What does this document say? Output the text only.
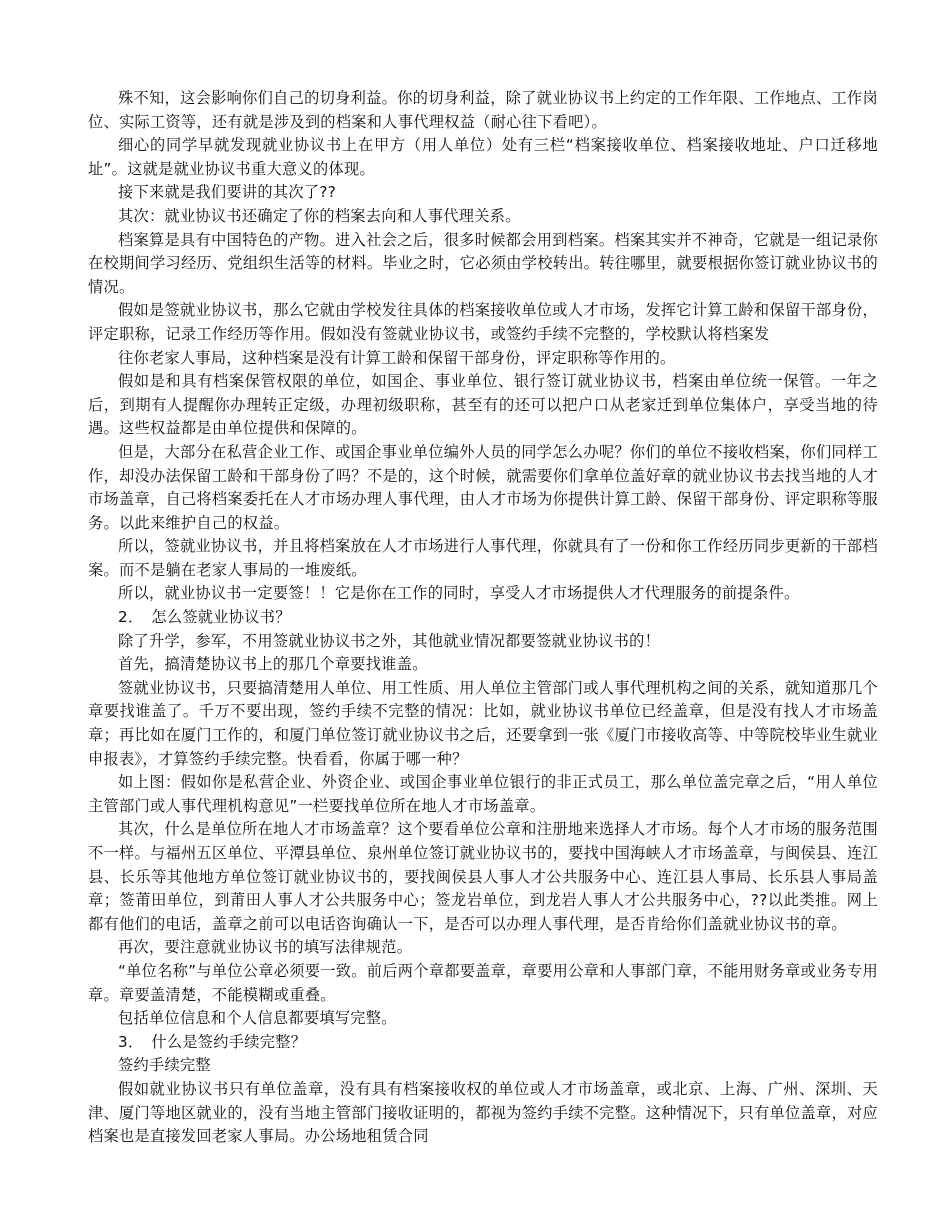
殊不知，这会影响你们自己的切身利益。你的切身利益，除了就业协议书上约定的工作年限、工作地点、工作岗位、实际工资等，还有就是涉及到的档案和人事代理权益（耐心往下看吧）。

细心的同学早就发现就业协议书上在甲方（用人单位）处有三栏“档案接收单位、档案接收地址、户口迁移地址”。这就是就业协议书重大意义的体现。

接下来就是我们要讲的其次了??

其次：就业协议书还确定了你的档案去向和人事代理关系。

档案算是具有中国特色的产物。进入社会之后，很多时候都会用到档案。档案其实并不神奇，它就是一组记录你在校期间学习经历、党组织生活等的材料。毕业之时，它必须由学校转出。转往哪里，就要根据你签订就业协议书的情况。

假如是签就业协议书，那么它就由学校发往具体的档案接收单位或人才市场，发挥它计算工龄和保留干部身份，评定职称，记录工作经历等作用。假如没有签就业协议书，或签约手续不完整的，学校默认将档案发

往你老家人事局，这种档案是没有计算工龄和保留干部身份，评定职称等作用的。

假如是和具有档案保管权限的单位，如国企、事业单位、银行签订就业协议书，档案由单位统一保管。一年之后，到期有人提醒你办理转正定级，办理初级职称，甚至有的还可以把户口从老家迁到单位集体户，享受当地的待遇。这些权益都是由单位提供和保障的。

但是，大部分在私营企业工作、或国企事业单位编外人员的同学怎么办呢？你们的单位不接收档案，你们同样工作，却没办法保留工龄和干部身份了吗？不是的，这个时候，就需要你们拿单位盖好章的就业协议书去找当地的人才市场盖章，自己将档案委托在人才市场办理人事代理，由人才市场为你提供计算工龄、保留干部身份、评定职称等服务。以此来维护自己的权益。

所以，签就业协议书，并且将档案放在人才市场进行人事代理，你就具有了一份和你工作经历同步更新的干部档案。而不是躺在老家人事局的一堆废纸。

所以，就业协议书一定要签！！它是你在工作的同时，享受人才市场提供人才代理服务的前提条件。

2．　怎么签就业协议书？

除了升学，参军，不用签就业协议书之外，其他就业情况都要签就业协议书的！

首先，搞清楚协议书上的那几个章要找谁盖。

签就业协议书，只要搞清楚用人单位、用工性质、用人单位主管部门或人事代理机构之间的关系，就知道那几个章要找谁盖了。千万不要出现，签约手续不完整的情况：比如，就业协议书单位已经盖章，但是没有找人才市场盖章；再比如在厦门工作的，和厦门单位签订就业协议书之后，还要拿到一张《厦门市接收高等、中等院校毕业生就业申报表》，才算签约手续完整。快看看，你属于哪一种？

如上图：假如你是私营企业、外资企业、或国企事业单位银行的非正式员工，那么单位盖完章之后，“用人单位主管部门或人事代理机构意见”一栏要找单位所在地人才市场盖章。

其次，什么是单位所在地人才市场盖章？这个要看单位公章和注册地来选择人才市场。每个人才市场的服务范围不一样。与福州五区单位、平潭县单位、泉州单位签订就业协议书的，要找中国海峡人才市场盖章，与闽侯县、连江县、长乐等其他地方单位签订就业协议书的，要找闽侯县人事人才公共服务中心、连江县人事局、长乐县人事局盖章；签莆田单位，到莆田人事人才公共服务中心；签龙岩单位，到龙岩人事人才公共服务中心，??以此类推。网上都有他们的电话，盖章之前可以电话咨询确认一下，是否可以办理人事代理，是否肯给你们盖就业协议书的章。

再次，要注意就业协议书的填写法律规范。

“单位名称”与单位公章必须要一致。前后两个章都要盖章，章要用公章和人事部门章，不能用财务章或业务专用章。章要盖清楚，不能模糊或重叠。

包括单位信息和个人信息都要填写完整。

3．　什么是签约手续完整？

签约手续完整

假如就业协议书只有单位盖章，没有具有档案接收权的单位或人才市场盖章，或北京、上海、广州、深圳、天津、厦门等地区就业的，没有当地主管部门接收证明的，都视为签约手续不完整。这种情况下，只有单位盖章，对应档案也是直接发回老家人事局。办公场地租赁合同
